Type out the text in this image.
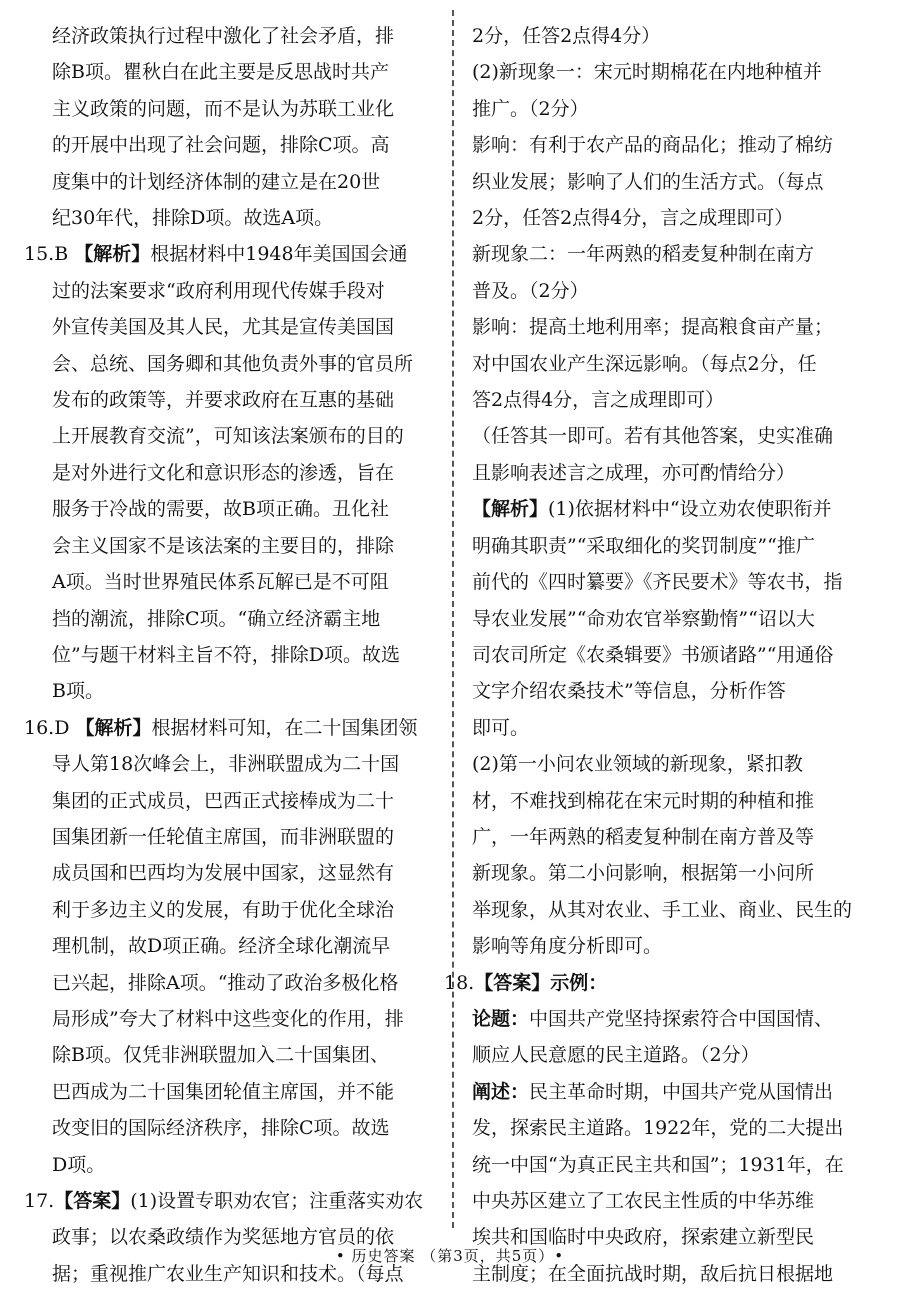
经济政策执行过程中激化了社会矛盾，排

除B项。瞿秋白在此主要是反思战时共产

主义政策的问题，而不是认为苏联工业化

的开展中出现了社会问题，排除C项。高

度集中的计划经济体制的建立是在20世

纪30年代，排除D项。故选A项。

15.B 【解析】根据材料中1948年美国国会通

过的法案要求“政府利用现代传媒手段对

外宣传美国及其人民，尤其是宣传美国国

会、总统、国务卿和其他负责外事的官员所

发布的政策等，并要求政府在互惠的基础

上开展教育交流”，可知该法案颁布的目的

是对外进行文化和意识形态的渗透，旨在

服务于冷战的需要，故B项正确。丑化社

会主义国家不是该法案的主要目的，排除

A项。当时世界殖民体系瓦解已是不可阻

挡的潮流，排除C项。“确立经济霸主地

位”与题干材料主旨不符，排除D项。故选

B项。

16.D 【解析】根据材料可知，在二十国集团领

导人第18次峰会上，非洲联盟成为二十国

集团的正式成员，巴西正式接棒成为二十

国集团新一任轮值主席国，而非洲联盟的

成员国和巴西均为发展中国家，这显然有

利于多边主义的发展，有助于优化全球治

理机制，故D项正确。经济全球化潮流早

已兴起，排除A项。“推动了政治多极化格

局形成”夸大了材料中这些变化的作用，排

除B项。仅凭非洲联盟加入二十国集团、

巴西成为二十国集团轮值主席国，并不能

改变旧的国际经济秩序，排除C项。故选

D项。

17.【答案】(1)设置专职劝农官；注重落实劝农

政事；以农桑政绩作为奖惩地方官员的依

据；重视推广农业生产知识和技术。（每点

2分，任答2点得4分）

(2)新现象一：宋元时期棉花在内地种植并

推广。（2分）

影响：有利于农产品的商品化；推动了棉纺

织业发展；影响了人们的生活方式。（每点

2分，任答2点得4分，言之成理即可）

新现象二：一年两熟的稻麦复种制在南方

普及。（2分）

影响：提高土地利用率；提高粮食亩产量；

对中国农业产生深远影响。（每点2分，任

答2点得4分，言之成理即可）

（任答其一即可。若有其他答案，史实准确

且影响表述言之成理，亦可酌情给分）

【解析】(1)依据材料中“设立劝农使职衔并

明确其职责”“采取细化的奖罚制度”“推广

前代的《四时纂要》《齐民要术》等农书，指

导农业发展”“命劝农官举察勤惰”“诏以大

司农司所定《农桑辑要》书颁诸路”“用通俗

文字介绍农桑技术”等信息，分析作答

即可。

(2)第一小问农业领域的新现象，紧扣教

材，不难找到棉花在宋元时期的种植和推

广，一年两熟的稻麦复种制在南方普及等

新现象。第二小问影响，根据第一小问所

举现象，从其对农业、手工业、商业、民生的

影响等角度分析即可。

18.【答案】示例：

论题：中国共产党坚持探索符合中国国情、

顺应人民意愿的民主道路。（2分）

阐述：民主革命时期，中国共产党从国情出

发，探索民主道路。1922年，党的二大提出

统一中国“为真正民主共和国”；1931年，在

中央苏区建立了工农民主性质的中华苏维

埃共和国临时中央政府，探索建立新型民

主制度；在全面抗战时期，敌后抗日根据地

• 历史答案 （第3页，共5页）•
